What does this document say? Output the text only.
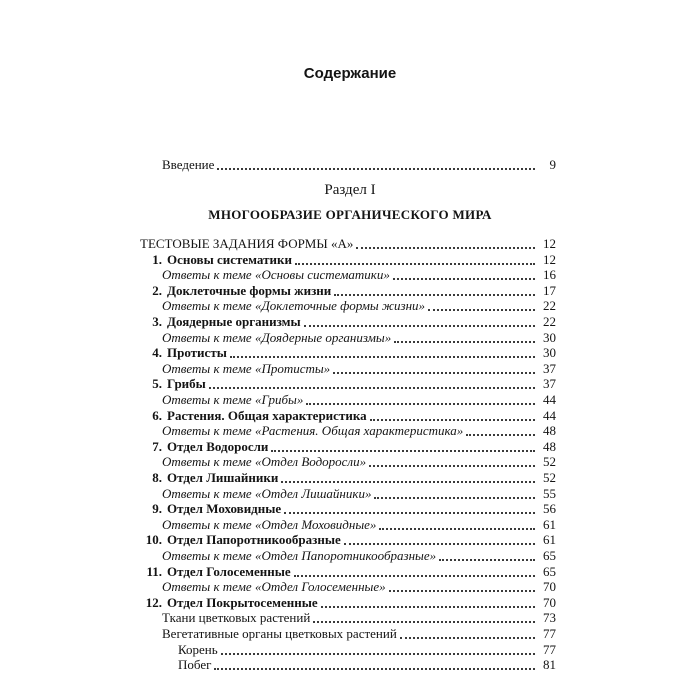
Содержание
Введение	9
Раздел I
МНОГООБРАЗИЕ ОРГАНИЧЕСКОГО МИРА
ТЕСТОВЫЕ ЗАДАНИЯ ФОРМЫ «А»	12
1. Основы систематики	12
Ответы к теме «Основы систематики»	16
2. Доклеточные формы жизни	17
Ответы к теме «Доклеточные формы жизни»	22
3. Доядерные организмы	22
Ответы к теме «Доядерные организмы»	30
4. Протисты	30
Ответы к теме «Протисты»	37
5. Грибы	37
Ответы к теме «Грибы»	44
6. Растения. Общая характеристика	44
Ответы к теме «Растения. Общая характеристика»	48
7. Отдел Водоросли	48
Ответы к теме «Отдел Водоросли»	52
8. Отдел Лишайники	52
Ответы к теме «Отдел Лишайники»	55
9. Отдел Моховидные	56
Ответы к теме «Отдел Моховидные»	61
10. Отдел Папоротникообразные	61
Ответы к теме «Отдел Папоротникообразные»	65
11. Отдел Голосеменные	65
Ответы к теме «Отдел Голосеменные»	70
12. Отдел Покрытосеменные	70
Ткани цветковых растений	73
Вегетативные органы цветковых растений	77
Корень	77
Побег	81
